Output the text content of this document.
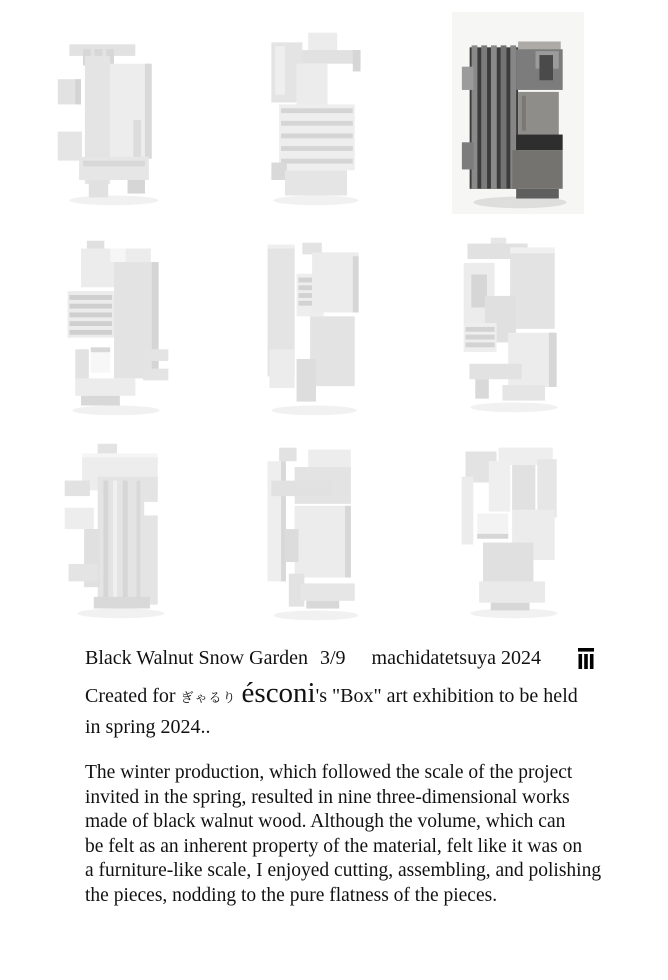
Black Walnut Snow Garden 3/9 machidatetsuya 2024
Created for ぎゃるり ésconi's "Box" art exhibition to be held
in spring 2024..
The winter production, which followed the scale of the project
invited in the spring, resulted in nine three-dimensional works
made of black walnut wood. Although the volume, which can
be felt as an inherent property of the material, felt like it was on
a furniture-like scale, I enjoyed cutting, assembling, and polishing
the pieces, nodding to the pure flatness of the pieces.
